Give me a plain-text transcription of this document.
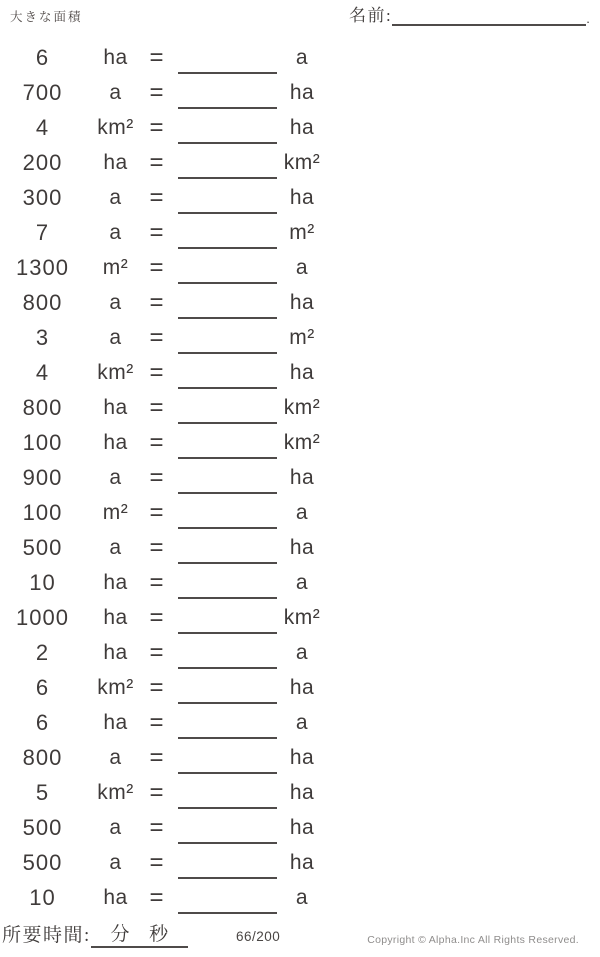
大きな面積	名前:	.
6	ha =	a
700	a	=	ha
4	km² =	ha
200	ha =	km²
300	a	=	ha
7	a	=	m²
1300	m² =	a
800	a	=	ha
3	a	=	m²
4	km² =	ha
800	ha =	km²
100	ha =	km²
900	a	=	ha
100	m² =	a
500	a	=	ha
10	ha =	a
1000	ha =	km²
2	ha =	a
6	km² =	ha
6	ha =	a
800	a	=	ha
5	km² =	ha
500	a	=	ha
500	a	=	ha
10	ha =	a
所要時間: 分 秒	66/200	Copyright © Alpha.Inc All Rights Reserved.
